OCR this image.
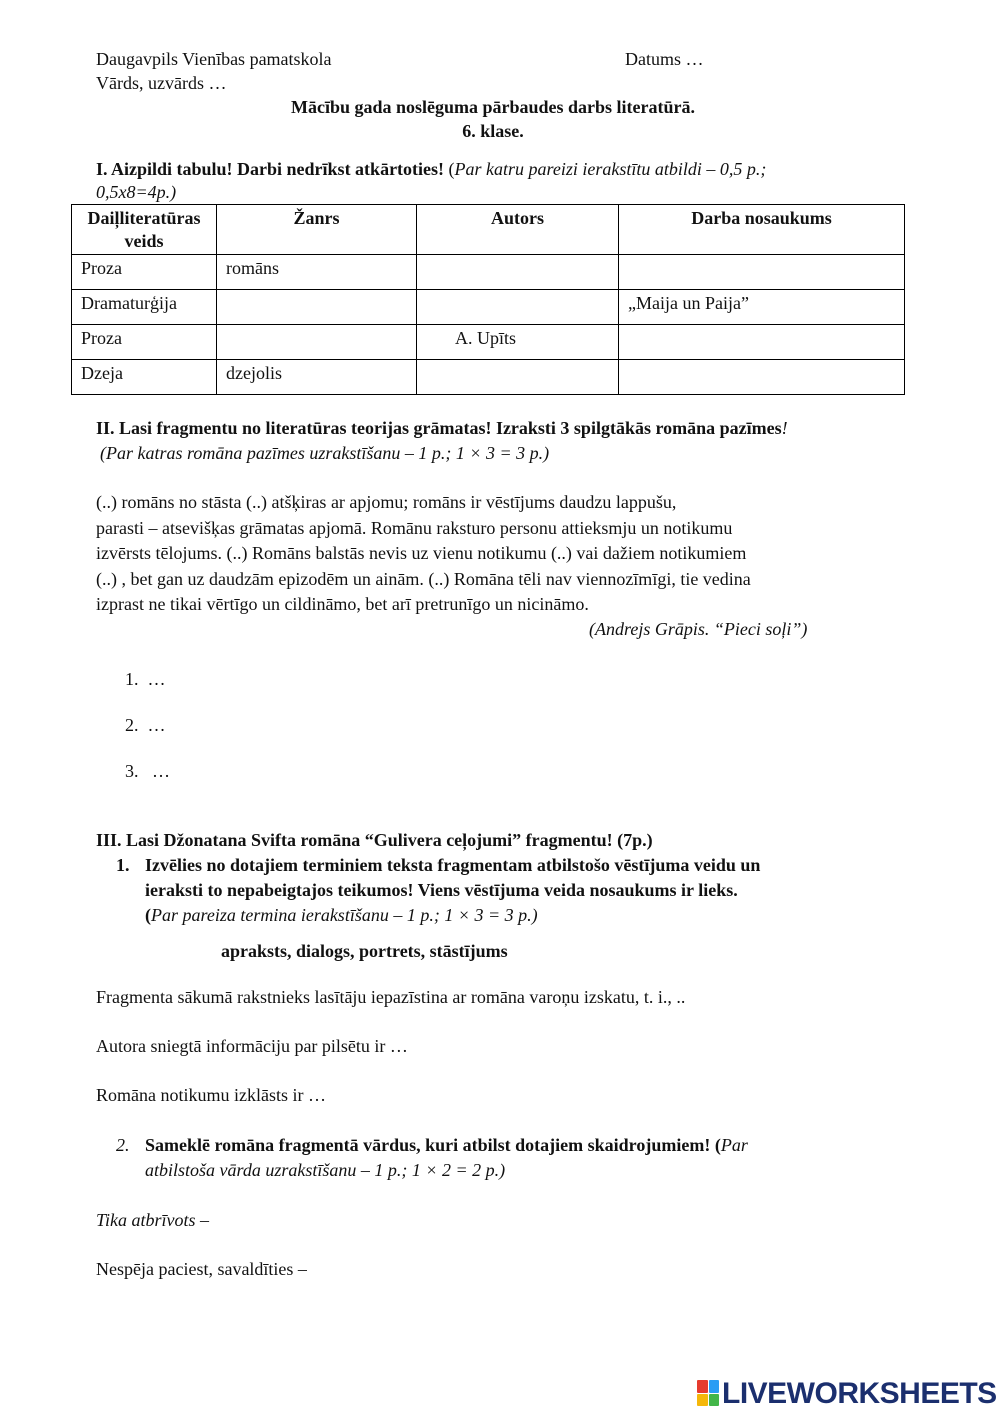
Daugavpils Vienības pamatskola	Datums …
Vārds, uzvārds …
Mācību gada noslēguma pārbaudes darbs literatūrā.
6. klase.
I. Aizpildi tabulu! Darbi nedrīkst atkārtoties! (Par katru pareizi ierakstītu atbildi – 0,5 p.;
0,5x8=4p.)
Daiļliteratūras veids	Žanrs	Autors	Darba nosaukums
Proza	romāns		
Dramaturģija			„Maija un Paija”
Proza		A. Upīts	
Dzeja	dzejolis		
II. Lasi fragmentu no literatūras teorijas grāmatas! Izraksti 3 spilgtākās romāna pazīmes!
(Par katras romāna pazīmes uzrakstīšanu – 1 p.; 1 × 3 = 3 p.)

(..) romāns no stāsta (..) atšķiras ar apjomu; romāns ir vēstījums daudzu lappušu,

parasti – atsevišķas grāmatas apjomā. Romānu raksturo personu attieksmju un notikumu

izvērsts tēlojums. (..) Romāns balstās nevis uz vienu notikumu (..) vai dažiem notikumiem

(..) , bet gan uz daudzām epizodēm un ainām. (..) Romāna tēli nav viennozīmīgi, tie vedina

izprast ne tikai vērtīgo un cildināmo, bet arī pretrunīgo un nicināmo.

(Andrejs Grāpis. “Pieci soļi”)
1. …
2. …
3.   …
III. Lasi Džonatana Svifta romāna “Gulivera ceļojumi” fragmentu! (7p.)
1. Izvēlies no dotajiem terminiem teksta fragmentam atbilstošo vēstījuma veidu un
ieraksti to nepabeigtajos teikumos! Viens vēstījuma veida nosaukums ir lieks.
(Par pareiza termina ierakstīšanu – 1 p.; 1 × 3 = 3 p.)
apraksts, dialogs, portrets, stāstījums
Fragmenta sākumā rakstnieks lasītāju iepazīstina ar romāna varoņu izskatu, t. i., ..
Autora sniegtā informāciju par pilsētu ir …
Romāna notikumu izklāsts ir …
2. Sameklē romāna fragmentā vārdus, kuri atbilst dotajiem skaidrojumiem! (Par
atbilstoša vārda uzrakstīšanu – 1 p.; 1 × 2 = 2 p.)
Tika atbrīvots –
Nespēja paciest, savaldīties –
LIVEWORKSHEETS
